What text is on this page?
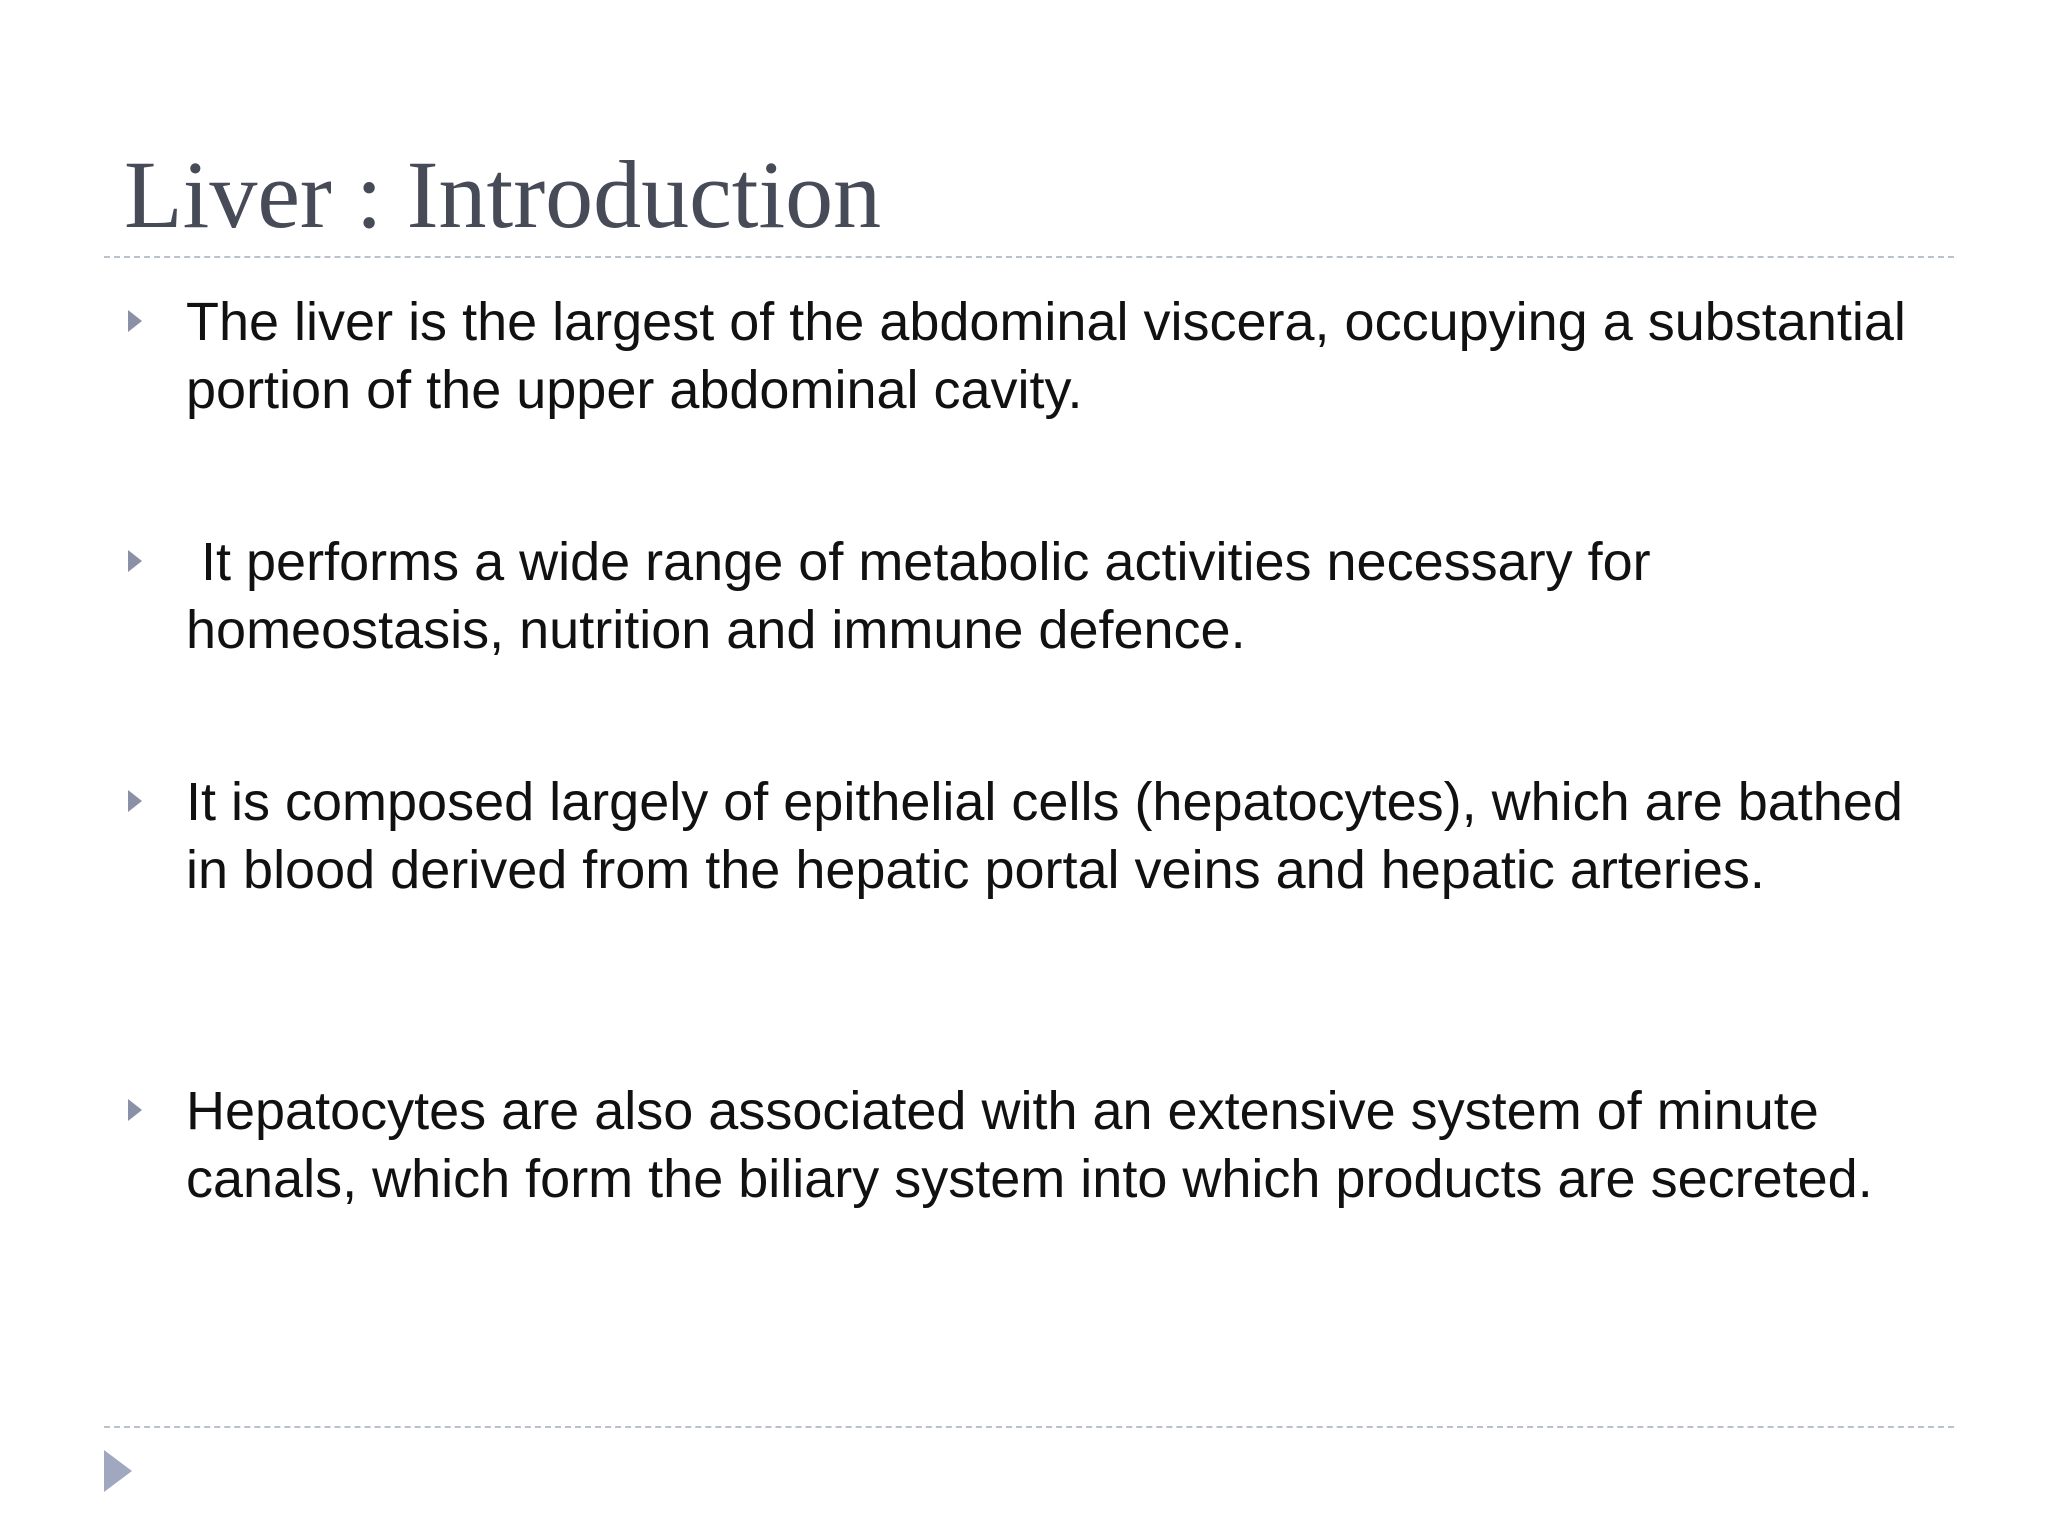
Liver : Introduction
The liver is the largest of the abdominal viscera, occupying a substantial portion of the upper abdominal cavity.
It performs a wide range of metabolic activities necessary for homeostasis, nutrition and immune defence.
It is composed largely of epithelial cells (hepatocytes), which are bathed in blood derived from the hepatic portal veins and hepatic arteries.
Hepatocytes are also associated with an extensive system of minute canals, which form the biliary system into which products are secreted.
